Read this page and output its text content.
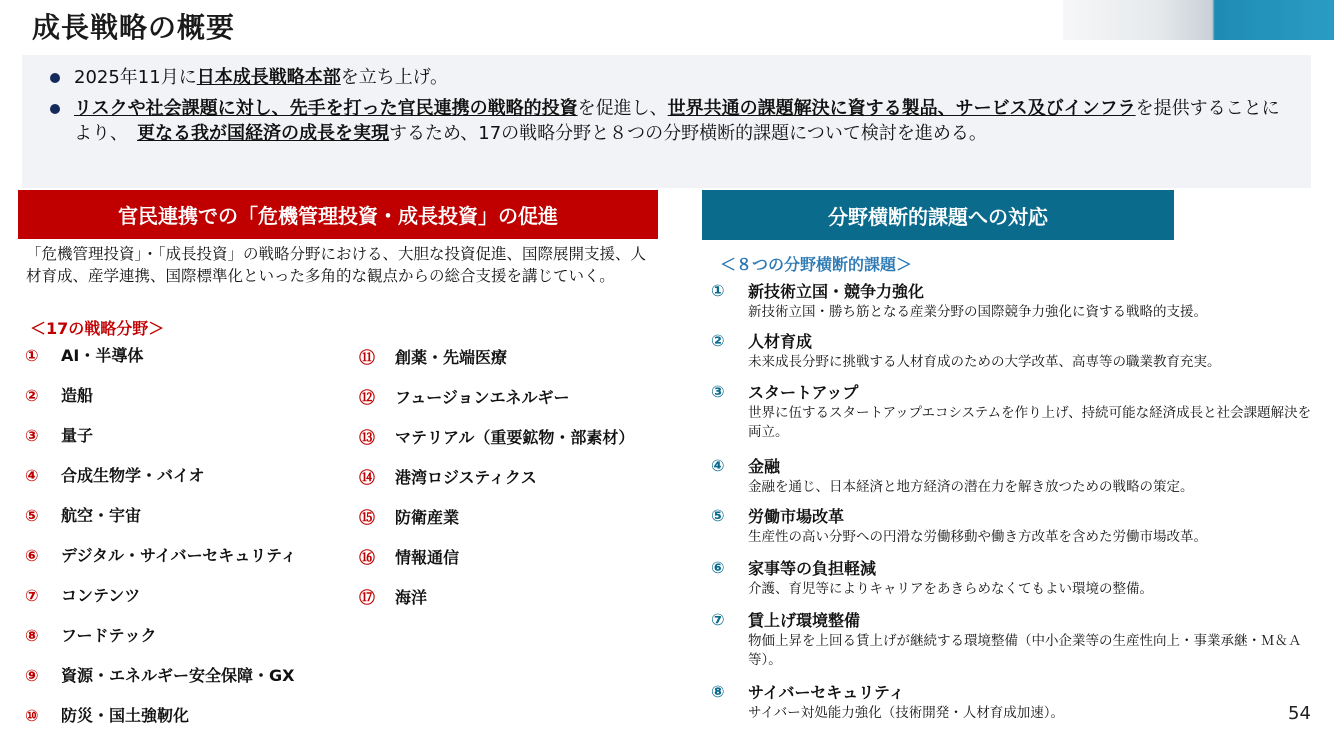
成長戦略の概要
2025年11月に日本成長戦略本部を立ち上げ。
リスクや社会課題に対し、先手を打った官民連携の戦略的投資を促進し、世界共通の課題解決に資する製品、サービス及びインフラを提供することにより、　 更なる我が国経済の成長を実現するため、17の戦略分野と８つの分野横断的課題について検討を進める。
官民連携での「危機管理投資・成長投資」の促進	分野横断的課題への対応
「危機管理投資」・「成長投資」の戦略分野における、大胆な投資促進、国際展開支援、人材育成、産学連携、国際標準化といった多角的な観点からの総合支援を講じていく。
＜17の戦略分野＞
① AI・半導体
② 造船
③ 量子
④ 合成生物学・バイオ
⑤ 航空・宇宙
⑥ デジタル・サイバーセキュリティ
⑦ コンテンツ
⑧ フードテック
⑨ 資源・エネルギー安全保障・GX
⑩ 防災・国土強靭化
⑪ 創薬・先端医療
⑫ フュージョンエネルギー
⑬ マテリアル（重要鉱物・部素材）
⑭ 港湾ロジスティクス
⑮ 防衛産業
⑯ 情報通信
⑰ 海洋
＜８つの分野横断的課題＞
① 新技術立国・競争力強化
新技術立国・勝ち筋となる産業分野の国際競争力強化に資する戦略的支援。
② 人材育成
未来成長分野に挑戦する人材育成のための大学改革、高専等の職業教育充実。
③ スタートアップ
世界に伍するスタートアップエコシステムを作り上げ、持続可能な経済成長と社会課題解決を両立。
④ 金融
金融を通じ、日本経済と地方経済の潜在力を解き放つための戦略の策定。
⑤ 労働市場改革
生産性の高い分野への円滑な労働移動や働き方改革を含めた労働市場改革。
⑥ 家事等の負担軽減
介護、育児等によりキャリアをあきらめなくてもよい環境の整備。
⑦ 賃上げ環境整備
物価上昇を上回る賃上げが継続する環境整備（中小企業等の生産性向上・事業承継・Ｍ＆Ａ等）。
⑧ サイバーセキュリティ
サイバー対処能力強化（技術開発・人材育成加速）。	54
